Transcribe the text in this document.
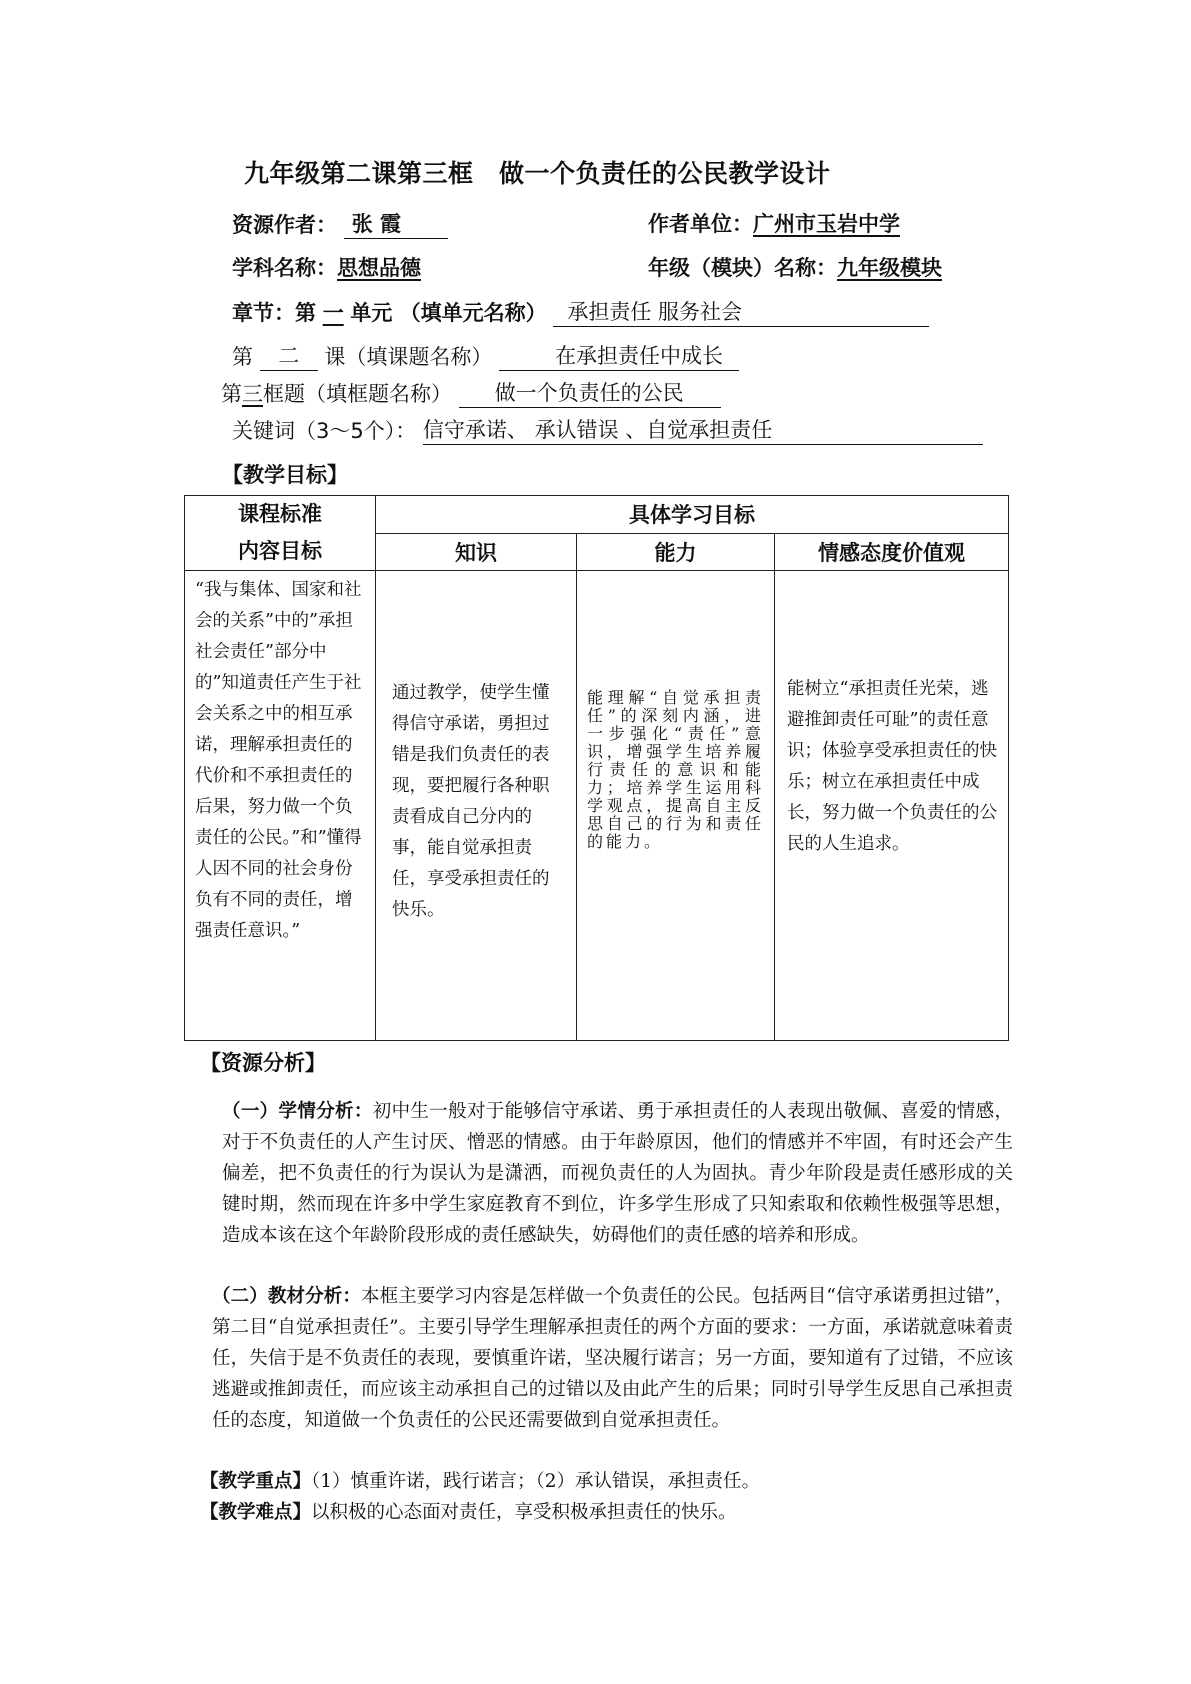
九年级第二课第三框　做一个负责任的公民教学设计
资源作者： 张 霞	作者单位：广州市玉岩中学
学科名称：思想品德	年级（模块）名称：九年级模块
章节：第 一 单元 （填单元名称） 承担责任 服务社会
第 二 课（填课题名称）	在承担责任中成长
第三框题（填框题名称） 做一个负责任的公民
关键词（3～5个）： 信守承诺、 承认错误 、自觉承担责任
【教学目标】
课程标准
内容目标	具体学习目标		
	知识	能力	情感态度价值观

“我与集体、国家和社会的关系”中的”承担社会责任”部分中的”知道责任产生于社会关系之中的相互承诺，理解承担责任的代价和不承担责任的后果，努力做一个负责任的公民。”和”懂得人因不同的社会身份负有不同的责任，增强责任意识。”	通过教学，使学生懂得信守承诺，勇担过错是我们负责任的表现，要把履行各种职责看成自己分内的事，能自觉承担责任，享受承担责任的快乐。	能理解“自觉承担责任”的深刻内涵，进一步强化“责任”意识，增强学生培养履行责任的意识和能力；培养学生运用科学观点，提高自主反思自己的行为和责任的能力。	能树立“承担责任光荣，逃避推卸责任可耻”的责任意识；体验享受承担责任的快乐；树立在承担责任中成长，努力做一个负责任的公民的人生追求。
【资源分析】
（一）学情分析：初中生一般对于能够信守承诺、勇于承担责任的人表现出敬佩、喜爱的情感，对于不负责任的人产生讨厌、憎恶的情感。由于年龄原因，他们的情感并不牢固，有时还会产生偏差，把不负责任的行为误认为是潇洒，而视负责任的人为固执。青少年阶段是责任感形成的关键时期，然而现在许多中学生家庭教育不到位，许多学生形成了只知索取和依赖性极强等思想，造成本该在这个年龄阶段形成的责任感缺失，妨碍他们的责任感的培养和形成。
（二）教材分析：本框主要学习内容是怎样做一个负责任的公民。包括两目“信守承诺勇担过错”，第二目“自觉承担责任”。主要引导学生理解承担责任的两个方面的要求：一方面，承诺就意味着责任，失信于是不负责任的表现，要慎重许诺，坚决履行诺言；另一方面，要知道有了过错，不应该逃避或推卸责任，而应该主动承担自己的过错以及由此产生的后果；同时引导学生反思自己承担责任的态度，知道做一个负责任的公民还需要做到自觉承担责任。
【教学重点】（1）慎重许诺，践行诺言；（2）承认错误，承担责任。
【教学难点】以积极的心态面对责任，享受积极承担责任的快乐。
